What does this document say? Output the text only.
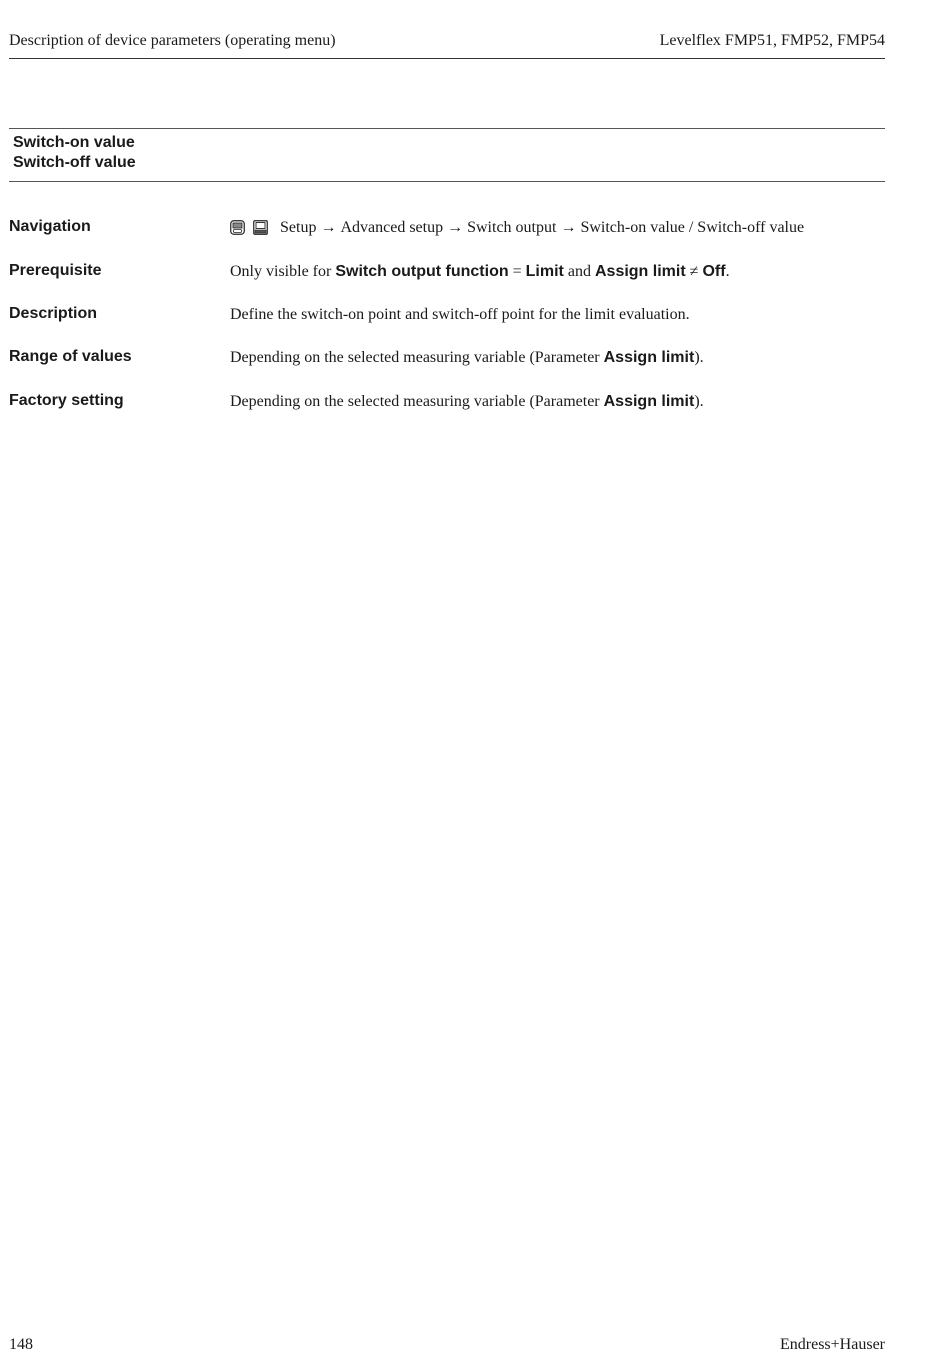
Description of device parameters (operating menu)	Levelflex FMP51, FMP52, FMP54
Switch-on value
Switch-off value
Navigation	Setup → Advanced setup → Switch output → Switch-on value / Switch-off value
Prerequisite	Only visible for Switch output function = Limit and Assign limit ≠ Off.
Description	Define the switch-on point and switch-off point for the limit evaluation.
Range of values	Depending on the selected measuring variable (Parameter Assign limit).
Factory setting	Depending on the selected measuring variable (Parameter Assign limit).
148	Endress+Hauser
